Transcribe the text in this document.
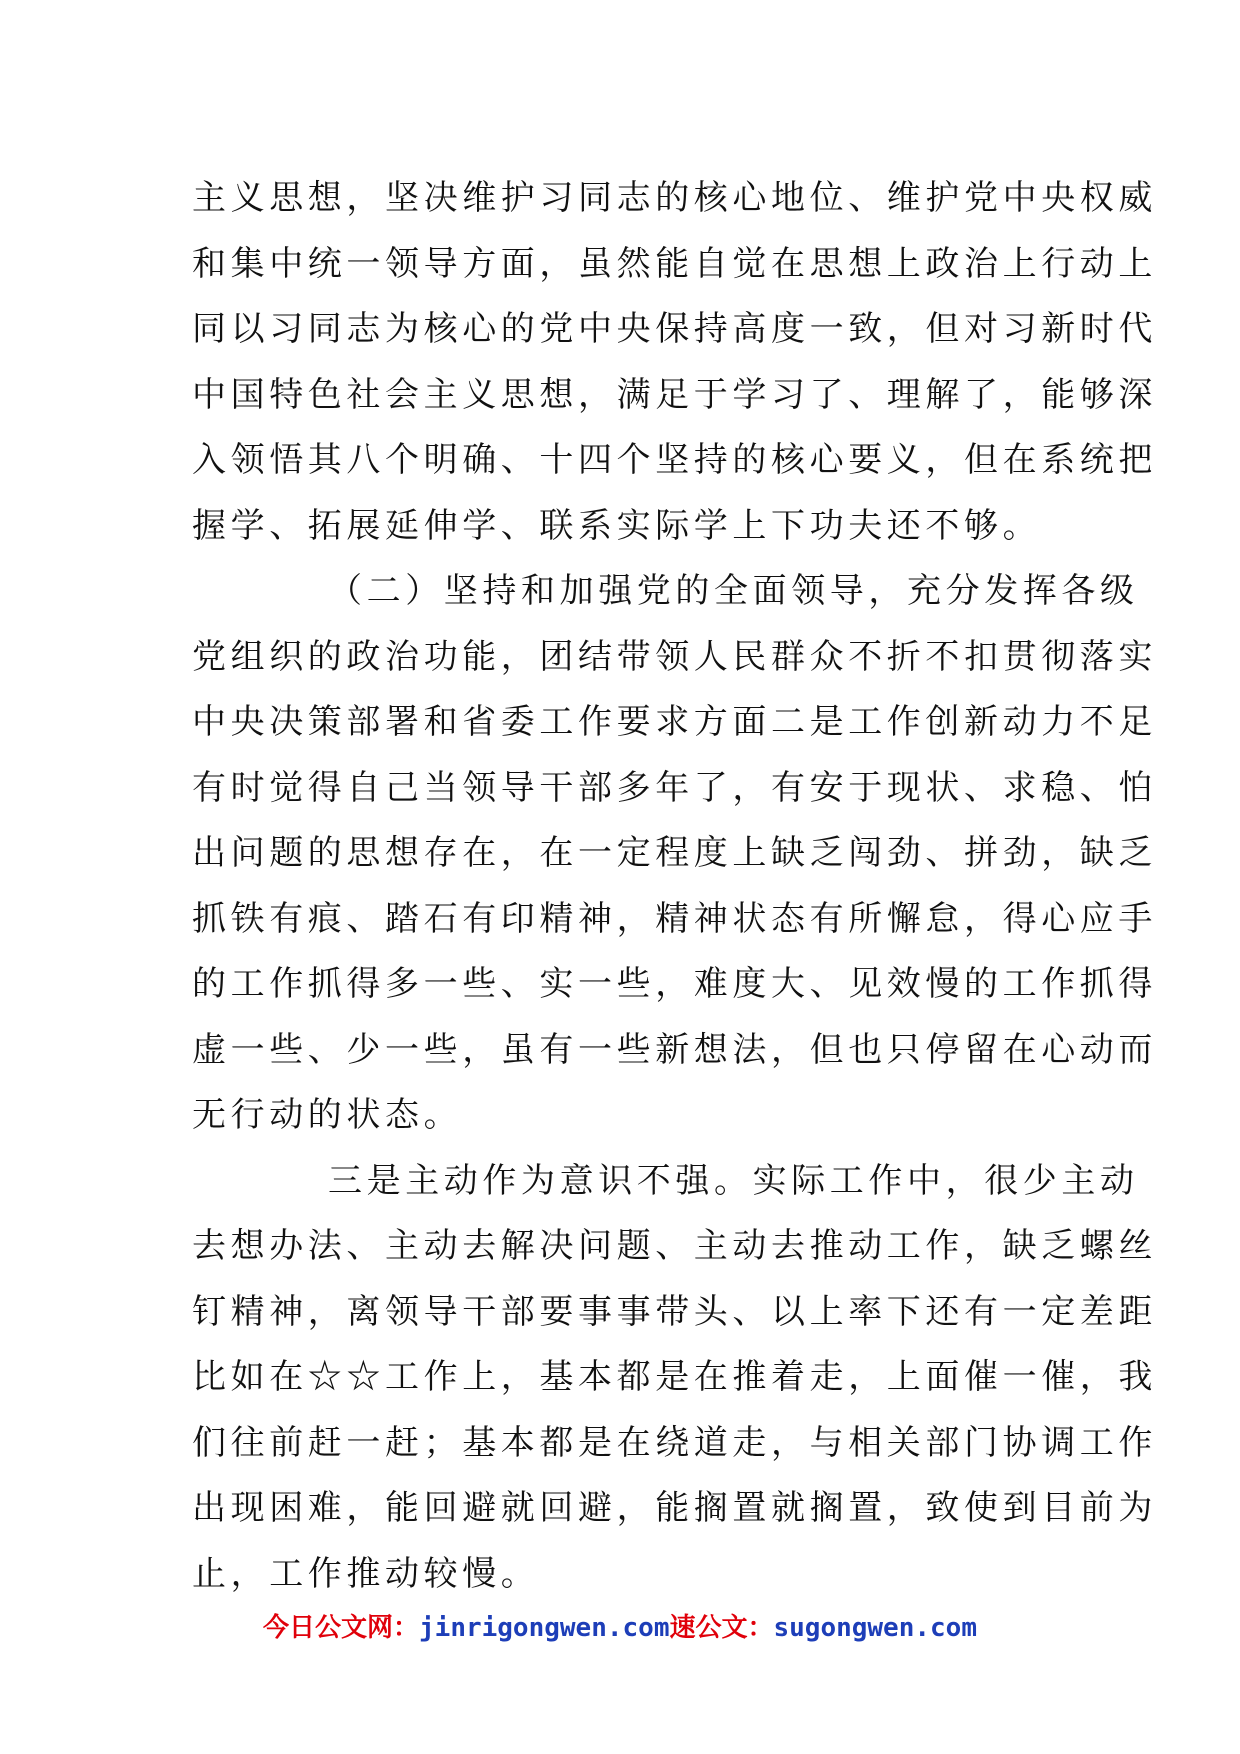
主义思想，坚决维护习同志的核心地位、维护党中央权威
和集中统一领导方面，虽然能自觉在思想上政治上行动上
同以习同志为核心的党中央保持高度一致，但对习新时代
中国特色社会主义思想，满足于学习了、理解了，能够深
入领悟其八个明确、十四个坚持的核心要义，但在系统把
握学、拓展延伸学、联系实际学上下功夫还不够。
（二）坚持和加强党的全面领导，充分发挥各级
党组织的政治功能，团结带领人民群众不折不扣贯彻落实
中央决策部署和省委工作要求方面二是工作创新动力不足
有时觉得自己当领导干部多年了，有安于现状、求稳、怕
出问题的思想存在，在一定程度上缺乏闯劲、拼劲，缺乏
抓铁有痕、踏石有印精神，精神状态有所懈怠，得心应手
的工作抓得多一些、实一些，难度大、见效慢的工作抓得
虚一些、少一些，虽有一些新想法，但也只停留在心动而
无行动的状态。
三是主动作为意识不强。实际工作中，很少主动
去想办法、主动去解决问题、主动去推动工作，缺乏螺丝
钉精神，离领导干部要事事带头、以上率下还有一定差距
比如在☆☆工作上，基本都是在推着走，上面催一催，我
们往前赶一赶；基本都是在绕道走，与相关部门协调工作
出现困难，能回避就回避，能搁置就搁置，致使到目前为
止，工作推动较慢。
今日公文网：jinrigongwen.com速公文：sugongwen.com
